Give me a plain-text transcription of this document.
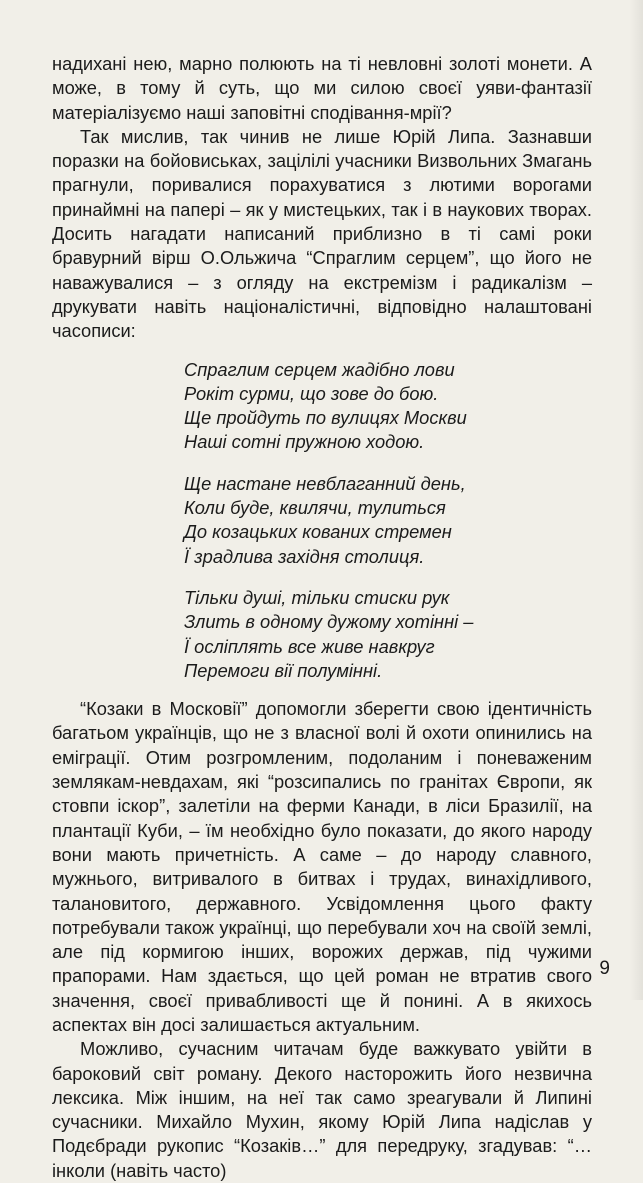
надихані нею, марно полюють на ті невловні золоті монети. А може, в тому й суть, що ми силою своєї уяви-фантазії матеріалізуємо наші заповітні сподівання-мрії?

Так мислив, так чинив не лише Юрій Липа. Зазнавши поразки на бойовиськах, зацілілі учасники Визвольних Змагань прагнули, поривалися порахуватися з лютими ворогами принаймні на папері – як у мистецьких, так і в наукових творах. Досить нагадати написаний приблизно в ті самі роки бравурний вірш О.Ольжича “Спраглим серцем”, що його не наважувалися – з огляду на екстремізм і радикалізм – друкувати навіть націоналістичні, відповідно налаштовані часописи:

Спраглим серцем жадібно лови
Рокіт сурми, що зове до бою.
Ще пройдуть по вулицях Москви
Наші сотні пружною ходою.
Ще настане невблаганний день,
Коли буде, квилячи, тулиться
До козацьких кованих стремен
Ї зрадлива західня столиця.
Тільки душі, тільки стиски рук
Злить в одному дужому хотінні –
Ї осліплять все живе навкруг
Перемоги вії полумінні.

“Козаки в Московії” допомогли зберегти свою ідентичність багатьом українців, що не з власної волі й охоти опинились на еміграції. Отим розгромленим, подоланим і поневаженим землякам-невдахам, які “розсипались по гранітах Європи, як стовпи іскор”, залетіли на ферми Канади, в ліси Бразилії, на плантації Куби, – їм необхідно було показати, до якого народу вони мають причетність. А саме – до народу славного, мужнього, витривалого в битвах і трудах, винахідливого, талановитого, державного. Усвідомлення цього факту потребували також українці, що перебували хоч на своїй землі, але під кормигою інших, ворожих держав, під чужими прапорами. Нам здається, що цей роман не втратив свого значення, своєї привабливості ще й понині. А в якихось аспектах він досі залишається актуальним.

Можливо, сучасним читачам буде важкувато увійти в бароковий світ роману. Декого насторожить його незвична лексика. Між іншим, на неї так само зреагували й Липині сучасники. Михайло Мухин, якому Юрій Липа надіслав у Подєбради рукопис “Козаків…” для передруку, згадував: “… інколи (навіть часто)

9
